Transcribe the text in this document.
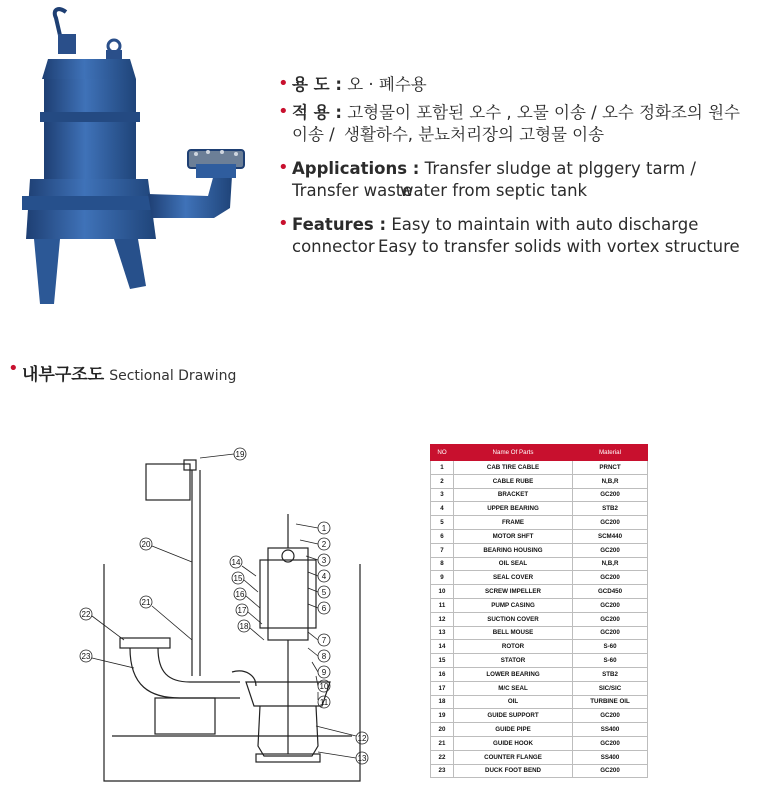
• 용 도 : 오 · 폐수용
• 적 용 : 고형물이 포함된 오수 , 오물 이송 / 오수 정화조의 원수이송 / 생활하수, 분뇨처리장의 고형물 이송
• Applications : Transfer sludge at plggery tarm / Transfer waste
water from septic tank
• Features : Easy to maintain with auto discharge connector Easy to transfer solids with vortex structure
• 내부구조도 Sectional Drawing
1
2
3
4
5
6
7
8
9
10
11
12
13
14
15
16
17
18
19
20
21
22
23
NO	Name Of Parts	Material
1	CAB TIRE CABLE	PRNCT
2	CABLE RUBE	N,B,R
3	BRACKET	GC200
4	UPPER BEARING	STB2
5	FRAME	GC200
6	MOTOR SHFT	SCM440
7	BEARING HOUSING	GC200
8	OIL SEAL	N,B,R
9	SEAL COVER	GC200
10	SCREW IMPELLER	GCD450
11	PUMP CASING	GC200
12	SUCTION COVER	GC200
13	BELL MOUSE	GC200
14	ROTOR	S-60
15	STATOR	S-60
16	LOWER BEARING	STB2
17	M/C SEAL	SIC/SIC
18	OIL	TURBINE OIL
19	GUIDE SUPPORT	GC200
20	GUIDE PIPE	SS400
21	GUIDE HOOK	GC200
22	COUNTER FLANGE	SS400
23	DUCK FOOT BEND	GC200
